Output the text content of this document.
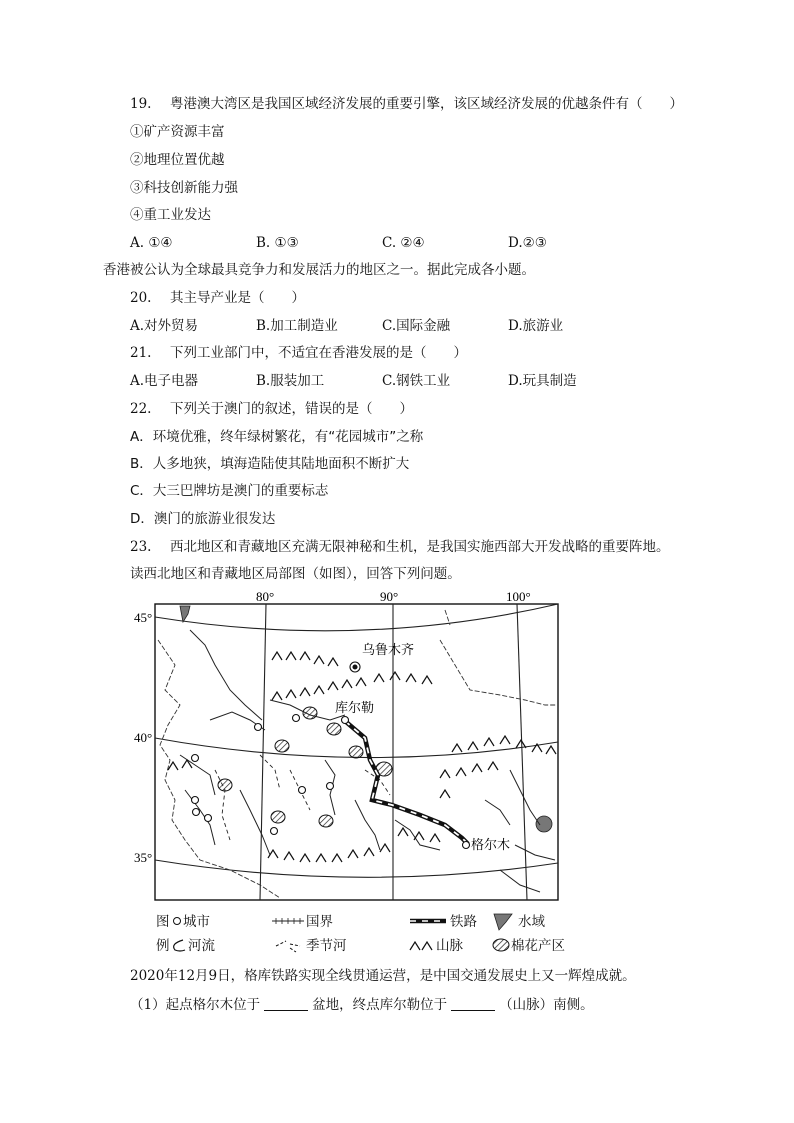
19. 粤港澳大湾区是我国区域经济发展的重要引擎，该区域经济发展的优越条件有（　　）
①矿产资源丰富
②地理位置优越
③科技创新能力强
④重工业发达
A. ①④	B. ①③	C. ②④	D.②③
香港被公认为全球最具竞争力和发展活力的地区之一。据此完成各小题。
20. 其主导产业是（　　）
A.对外贸易	B.加工制造业	C.国际金融	D.旅游业
21. 下列工业部门中，不适宜在香港发展的是（　　）
A.电子电器	B.服装加工	C.钢铁工业	D.玩具制造
22. 下列关于澳门的叙述，错误的是（　　）
A．环境优雅，终年绿树繁花，有“花园城市”之称
B．人多地狭，填海造陆使其陆地面积不断扩大
C．大三巴牌坊是澳门的重要标志
D．澳门的旅游业很发达
23. 西北地区和青藏地区充满无限神秘和生机，是我国实施西部大开发战略的重要阵地。
读西北地区和青藏地区局部图（如图），回答下列问题。
80°	90°	100°
45°
40°
35°
乌鲁木齐
库尔勒
格尔木
图 城市	国界	铁路	水域
例 河流	季节河	山脉	棉花产区
2020年12月9日，格库铁路实现全线贯通运营，是中国交通发展史上又一辉煌成就。
（1）起点格尔木位于	盆地，终点库尔勒位于	（山脉）南侧。
